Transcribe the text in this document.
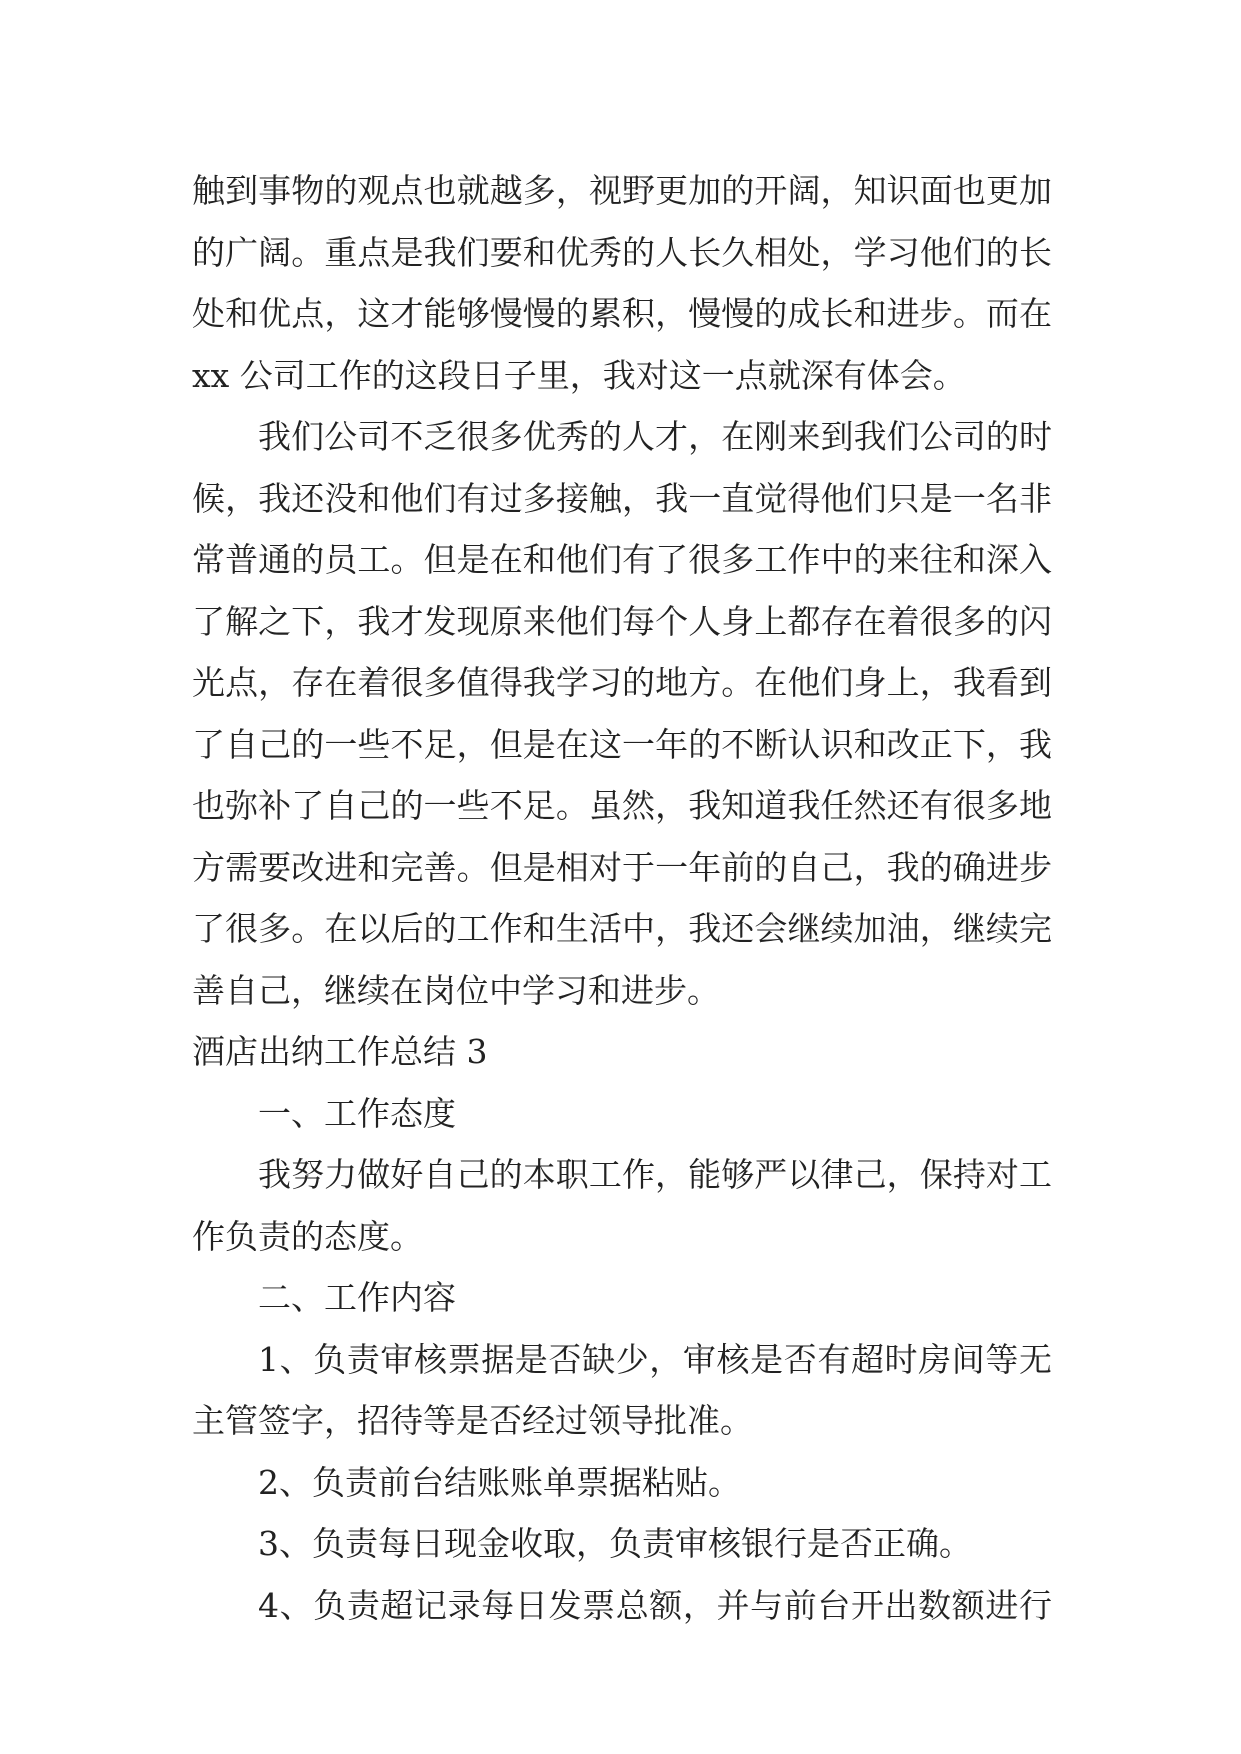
触到事物的观点也就越多，视野更加的开阔，知识面也更加
的广阔。重点是我们要和优秀的人长久相处，学习他们的长
处和优点，这才能够慢慢的累积，慢慢的成长和进步。而在
xx 公司工作的这段日子里，我对这一点就深有体会。
我们公司不乏很多优秀的人才，在刚来到我们公司的时
候，我还没和他们有过多接触，我一直觉得他们只是一名非
常普通的员工。但是在和他们有了很多工作中的来往和深入
了解之下，我才发现原来他们每个人身上都存在着很多的闪
光点，存在着很多值得我学习的地方。在他们身上，我看到
了自己的一些不足，但是在这一年的不断认识和改正下，我
也弥补了自己的一些不足。虽然，我知道我任然还有很多地
方需要改进和完善。但是相对于一年前的自己，我的确进步
了很多。在以后的工作和生活中，我还会继续加油，继续完
善自己，继续在岗位中学习和进步。
酒店出纳工作总结 3
一、工作态度
我努力做好自己的本职工作，能够严以律己，保持对工
作负责的态度。
二、工作内容
1、负责审核票据是否缺少，审核是否有超时房间等无
主管签字，招待等是否经过领导批准。
2、负责前台结账账单票据粘贴。
3、负责每日现金收取，负责审核银行是否正确。
4、负责超记录每日发票总额，并与前台开出数额进行
